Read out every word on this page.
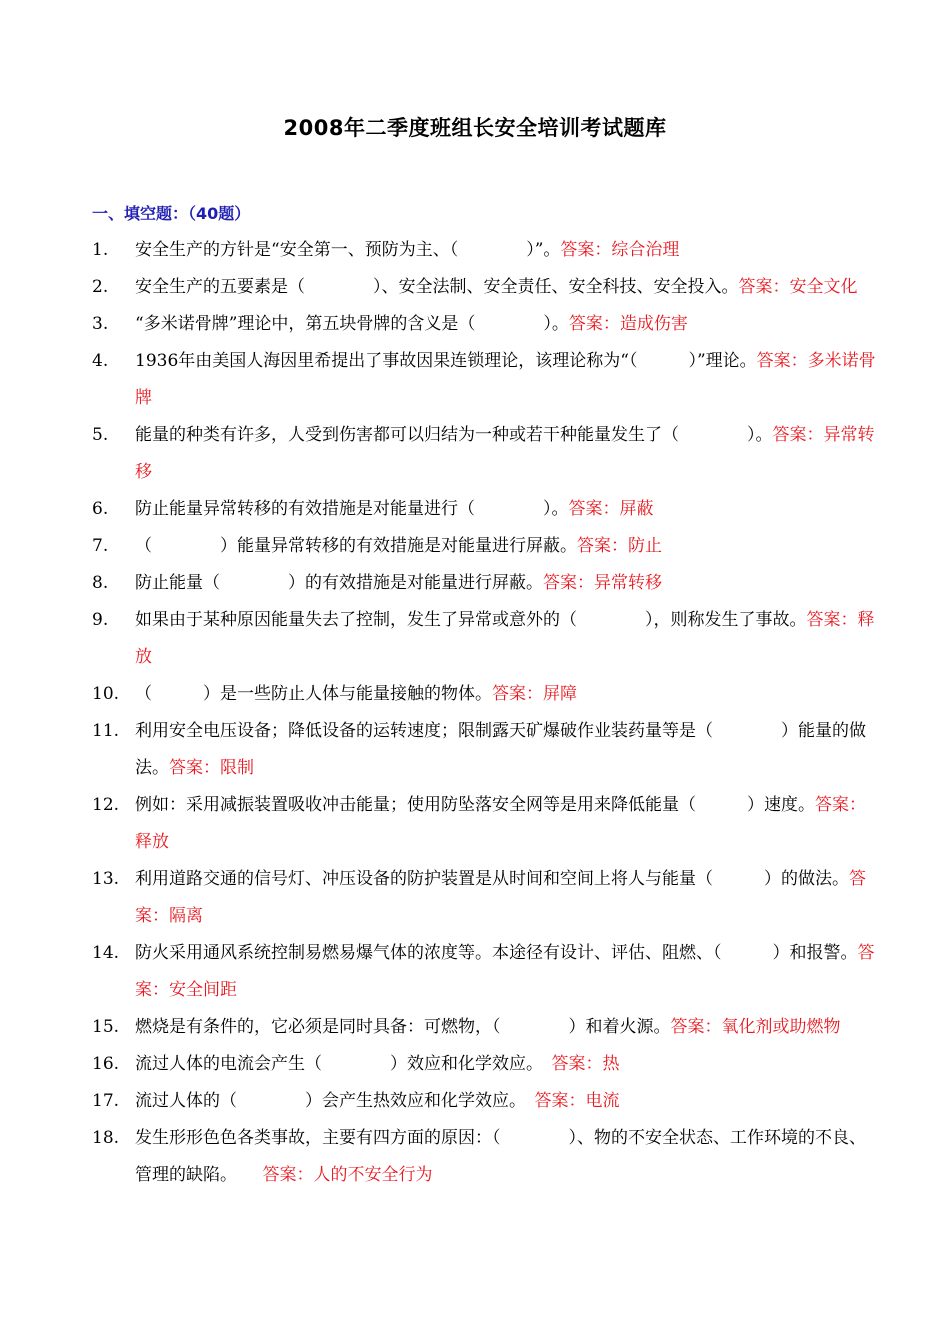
2008年二季度班组长安全培训考试题库
一、填空题：（40题）
1. 安全生产的方针是“安全第一、预防为主、（　　　　）”。答案：综合治理
2. 安全生产的五要素是（　　　　）、安全法制、安全责任、安全科技、安全投入。答案：安全文化
3. “多米诺骨牌”理论中，第五块骨牌的含义是（　　　　）。答案：造成伤害
4. 1936年由美国人海因里希提出了事故因果连锁理论，该理论称为“（　　　）”理论。答案：多米诺骨牌
5. 能量的种类有许多，人受到伤害都可以归结为一种或若干种能量发生了（　　　　）。答案：异常转移
6. 防止能量异常转移的有效措施是对能量进行（　　　　）。答案：屏蔽
7. （　　　　）能量异常转移的有效措施是对能量进行屏蔽。答案：防止
8. 防止能量（　　　　）的有效措施是对能量进行屏蔽。答案：异常转移
9. 如果由于某种原因能量失去了控制，发生了异常或意外的（　　　　），则称发生了事故。答案：释放
10. （　　　）是一些防止人体与能量接触的物体。答案：屏障
11. 利用安全电压设备；降低设备的运转速度；限制露天矿爆破作业装药量等是（　　　　）能量的做法。答案：限制
12. 例如：采用减振装置吸收冲击能量；使用防坠落安全网等是用来降低能量（　　　）速度。答案：释放
13. 利用道路交通的信号灯、冲压设备的防护装置是从时间和空间上将人与能量（　　　）的做法。答案：隔离
14. 防火采用通风系统控制易燃易爆气体的浓度等。本途径有设计、评估、阻燃、（　　　）和报警。答案：安全间距
15. 燃烧是有条件的，它必须是同时具备：可燃物，（　　　　）和着火源。答案：氧化剂或助燃物
16. 流过人体的电流会产生（　　　　）效应和化学效应。　答案：热
17. 流过人体的（　　　　）会产生热效应和化学效应。　答案：电流
18. 发生形形色色各类事故，主要有四方面的原因：（　　　　）、物的不安全状态、工作环境的不良、管理的缺陷。　　答案：人的不安全行为
